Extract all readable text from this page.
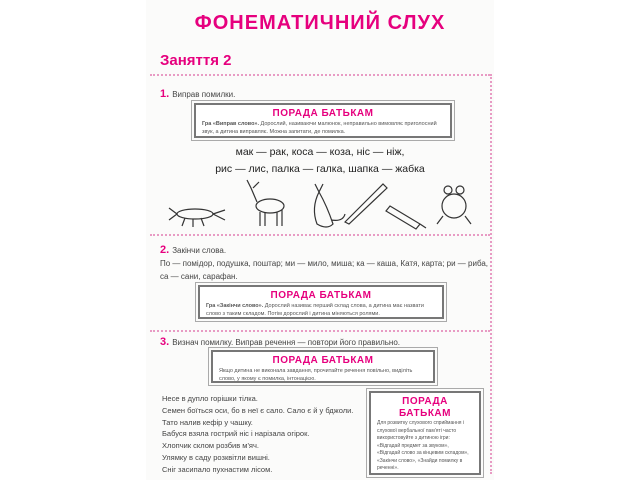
ФОНЕМАТИЧНИЙ СЛУХ
Заняття 2
1. Виправ помилки.
ПОРАДА БАТЬКАМ
Гра «Виправ слово». Дорослий, називаючи малюнок, неправильно вимовляє приголосний звук, а дитина виправляє. Можна запитати, де помилка.
мак — рак, коса — коза, ніс — ніж,
рис — лис, палка — галка, шапка — жабка
2. Закінчи слова.
По — помідор, подушка, поштар; ми — мило, миша; ка — каша, Катя, карта; ри — риба, са — сани, сарафан.
ПОРАДА БАТЬКАМ
Гра «Закінчи слово». Дорослий називає перший склад слова, а дитина має назвати слово з таким складом. Потім дорослий і дитина міняються ролями.
3. Визнач помилку. Виправ речення — повтори його правильно.
ПОРАДА БАТЬКАМ
Якщо дитина не виконала завдання, прочитайте речення повільно, виділіть слово, у якому є помилка, інтонацією.
Несе в дупло горішки тілка.
Семен боїться оси, бо в неї є сало. Сало є й у бджоли.
Тато налив кефір у чашку.
Бабуся взяла гострий ніс і нарізала огірок.
Хлопчик склом розбив м'яч.
Улямку в саду розквітли вишні.
Сніг засипало пухнастим лісом.
ПОРАДА БАТЬКАМ
Для розвитку слухового сприймання і слухової вербальної пам'яті часто використовуйте з дитиною ігри: «Відгадай предмет за звуком», «Відгадай слово за кінцевим складом», «Закінчи слово», «Знайди помилку в реченні».
